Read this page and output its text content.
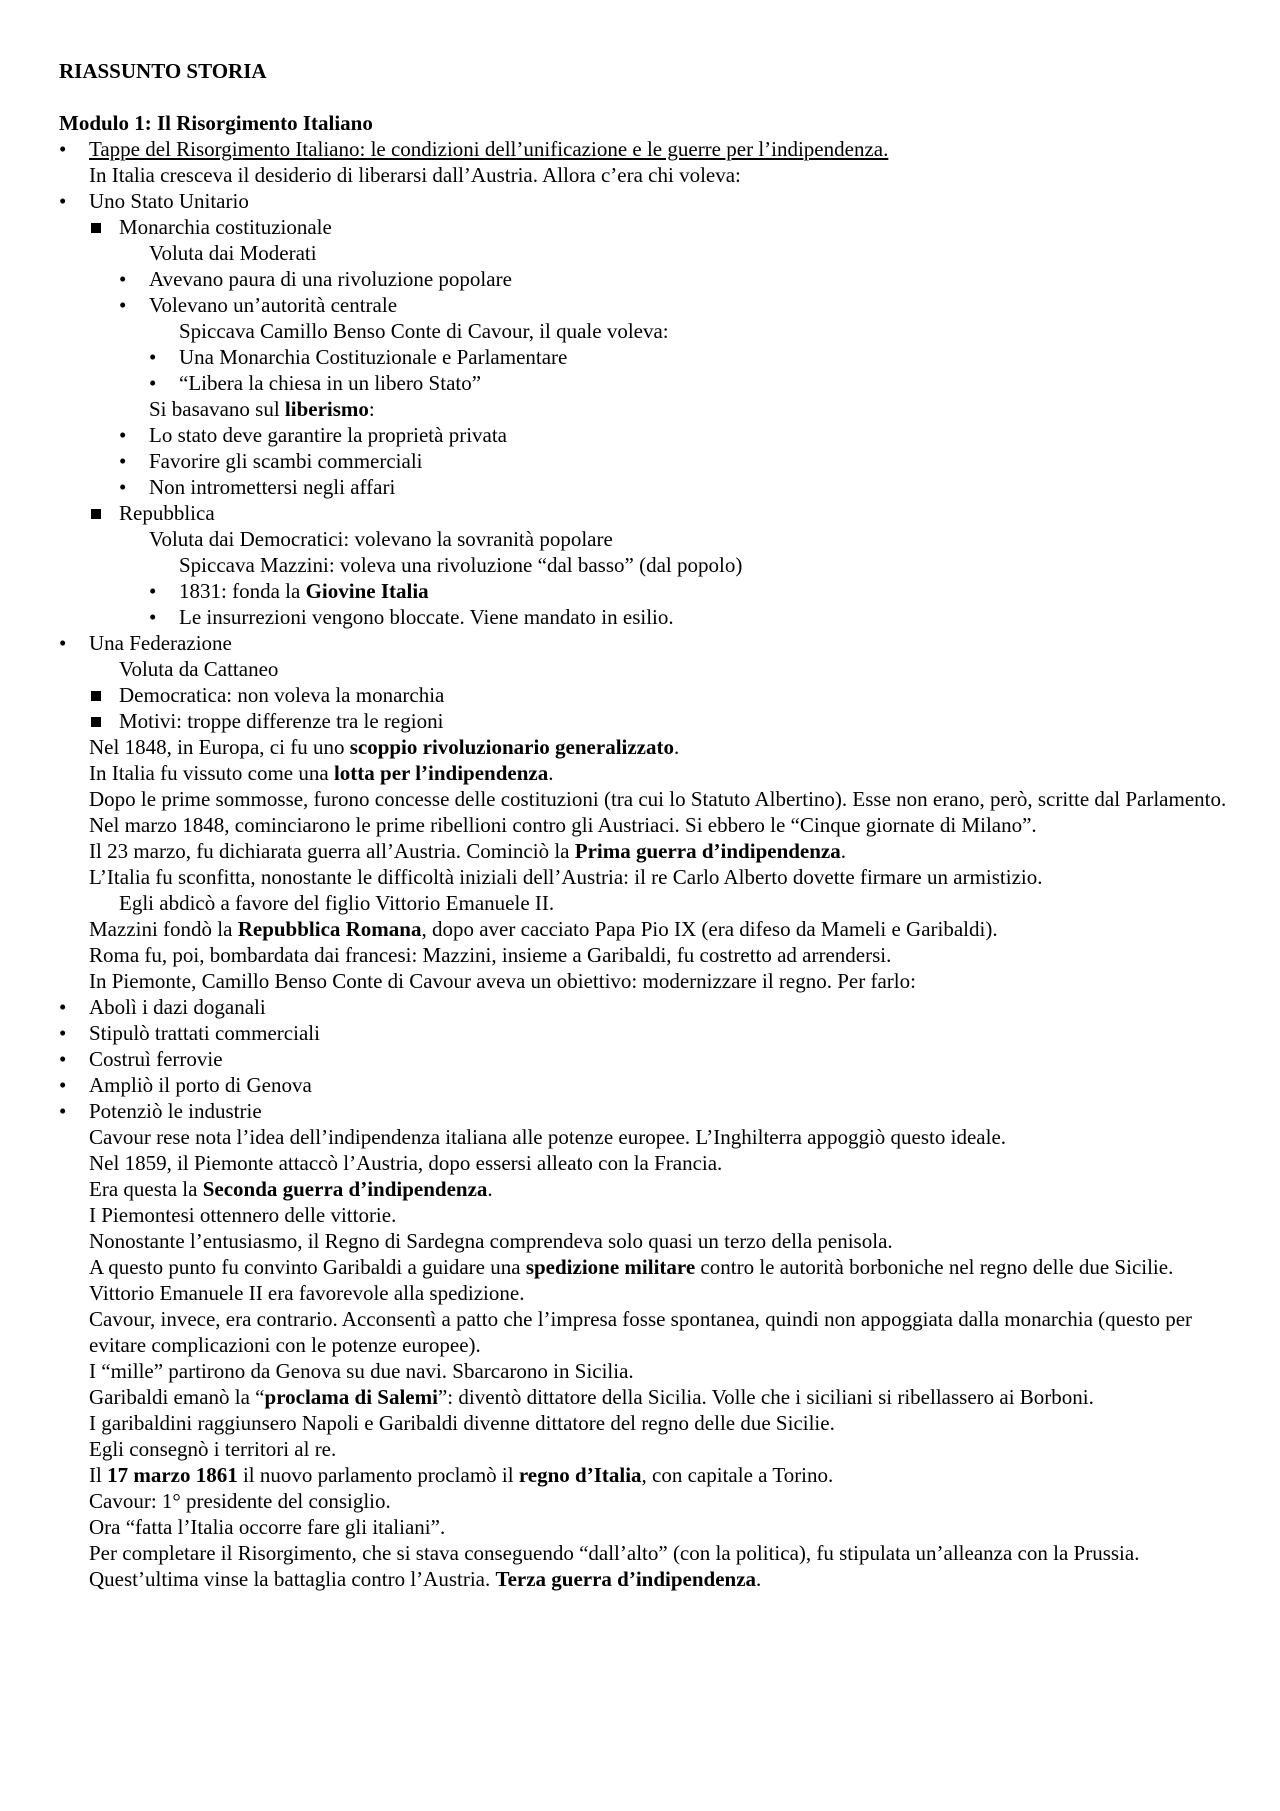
RIASSUNTO STORIA
Modulo 1: Il Risorgimento Italiano
•	Tappe del Risorgimento Italiano: le condizioni dell’unificazione e le guerre per l’indipendenza.
In Italia cresceva il desiderio di liberarsi dall’Austria. Allora c’era chi voleva:
•	Uno Stato Unitario
Monarchia costituzionale
Voluta dai Moderati
•	Avevano paura di una rivoluzione popolare
•	Volevano un’autorità centrale
Spiccava Camillo Benso Conte di Cavour, il quale voleva:
•	Una Monarchia Costituzionale e Parlamentare
•	“Libera la chiesa in un libero Stato”
Si basavano sul liberismo:
•	Lo stato deve garantire la proprietà privata
•	Favorire gli scambi commerciali
•	Non intromettersi negli affari
Repubblica
Voluta dai Democratici: volevano la sovranità popolare
Spiccava Mazzini: voleva una rivoluzione “dal basso” (dal popolo)
•	1831: fonda la Giovine Italia
•	Le insurrezioni vengono bloccate. Viene mandato in esilio.
•	Una Federazione
Voluta da Cattaneo
Democratica: non voleva la monarchia
Motivi: troppe differenze tra le regioni
Nel 1848, in Europa, ci fu uno scoppio rivoluzionario generalizzato.
In Italia fu vissuto come una lotta per l’indipendenza.
Dopo le prime sommosse, furono concesse delle costituzioni (tra cui lo Statuto Albertino). Esse non erano, però, scritte dal Parlamento.
Nel marzo 1848, cominciarono le prime ribellioni contro gli Austriaci. Si ebbero le “Cinque giornate di Milano”.
Il 23 marzo, fu dichiarata guerra all’Austria. Cominciò la Prima guerra d’indipendenza.
L’Italia fu sconfitta, nonostante le difficoltà iniziali dell’Austria: il re Carlo Alberto dovette firmare un armistizio.
Egli abdicò a favore del figlio Vittorio Emanuele II.
Mazzini fondò la Repubblica Romana, dopo aver cacciato Papa Pio IX (era difeso da Mameli e Garibaldi).
Roma fu, poi, bombardata dai francesi: Mazzini, insieme a Garibaldi, fu costretto ad arrendersi.
In Piemonte, Camillo Benso Conte di Cavour aveva un obiettivo: modernizzare il regno. Per farlo:
•	Abolì i dazi doganali
•	Stipulò trattati commerciali
•	Costruì ferrovie
•	Ampliò il porto di Genova
•	Potenziò le industrie
Cavour rese nota l’idea dell’indipendenza italiana alle potenze europee. L’Inghilterra appoggiò questo ideale.
Nel 1859, il Piemonte attaccò l’Austria, dopo essersi alleato con la Francia.
Era questa la Seconda guerra d’indipendenza.
I Piemontesi ottennero delle vittorie.
Nonostante l’entusiasmo, il Regno di Sardegna comprendeva solo quasi un terzo della penisola.
A questo punto fu convinto Garibaldi a guidare una spedizione militare contro le autorità borboniche nel regno delle due Sicilie.
Vittorio Emanuele II era favorevole alla spedizione.
Cavour, invece, era contrario. Acconsentì a patto che l’impresa fosse spontanea, quindi non appoggiata dalla monarchia (questo per evitare complicazioni con le potenze europee).
I “mille” partirono da Genova su due navi. Sbarcarono in Sicilia.
Garibaldi emanò la “proclama di Salemi”: diventò dittatore della Sicilia. Volle che i siciliani si ribellassero ai Borboni.
I garibaldini raggiunsero Napoli e Garibaldi divenne dittatore del regno delle due Sicilie.
Egli consegnò i territori al re.
Il 17 marzo 1861 il nuovo parlamento proclamò il regno d’Italia, con capitale a Torino.
Cavour: 1° presidente del consiglio.
Ora “fatta l’Italia occorre fare gli italiani”.
Per completare il Risorgimento, che si stava conseguendo “dall’alto” (con la politica), fu stipulata un’alleanza con la Prussia. Quest’ultima vinse la battaglia contro l’Austria. Terza guerra d’indipendenza.
